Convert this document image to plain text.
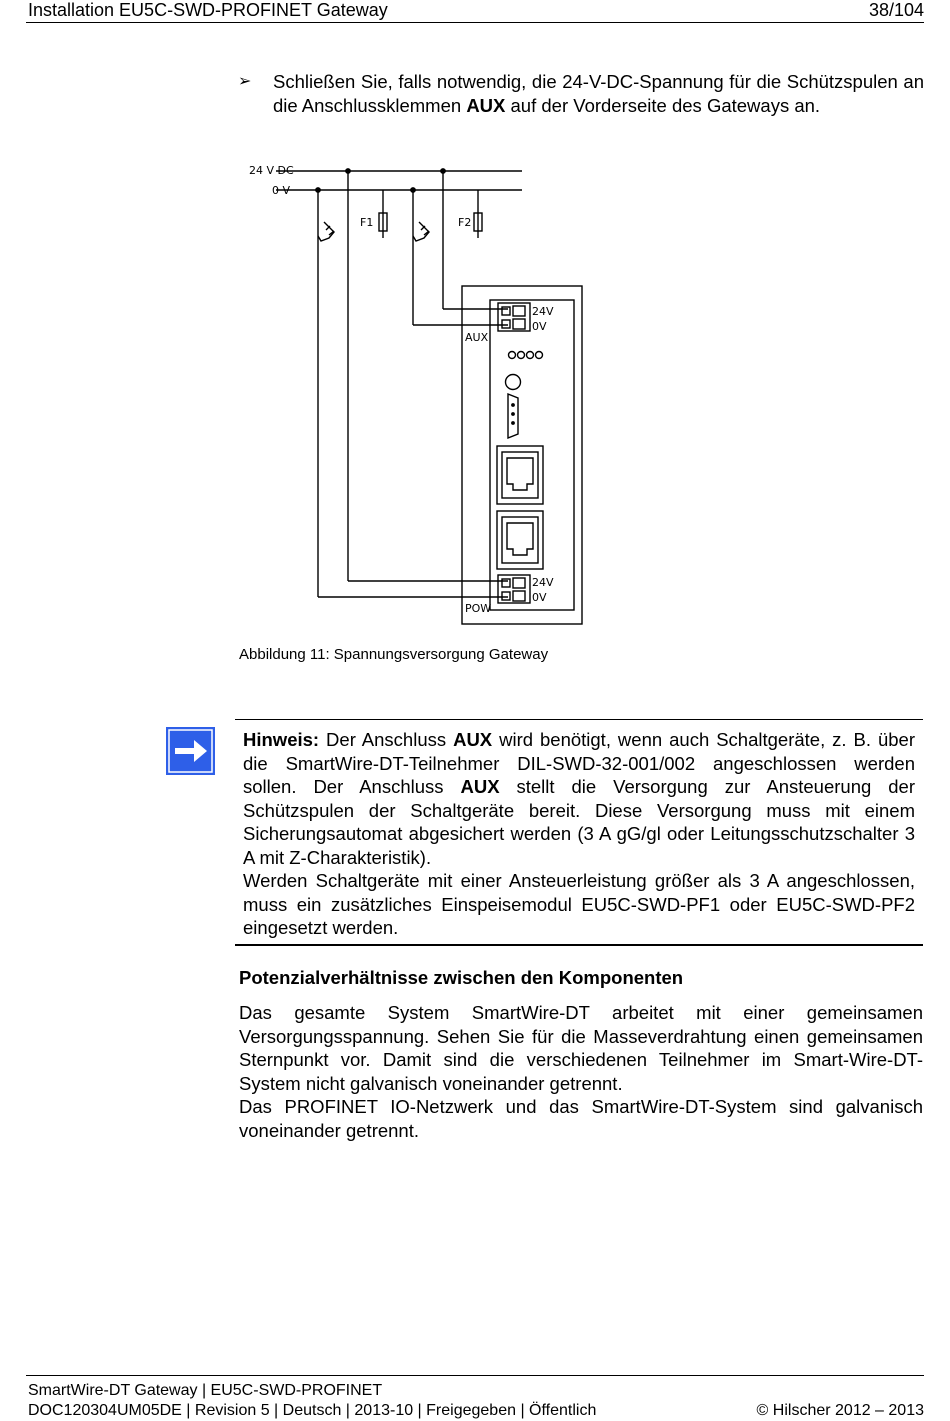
Installation EU5C-SWD-PROFINET Gateway	38/104
➢ Schließen Sie, falls notwendig, die 24-V-DC-Spannung für die Schützspulen an die Anschlussklemmen AUX auf der Vorderseite des Gateways an.
24 V DC
0 V
F1	F2
AUX
24V
0V
24V
0V
POW
Abbildung 11: Spannungsversorgung Gateway

Hinweis: Der Anschluss AUX wird benötigt, wenn auch Schaltgeräte, z. B. über die SmartWire-DT-Teilnehmer DIL-SWD-32-001/002 angeschlossen werden sollen. Der Anschluss AUX stellt die Versorgung zur Ansteuerung der Schützspulen der Schaltgeräte bereit. Diese Versorgung muss mit einem Sicherungsautomat abgesichert werden (3 A gG/gl oder Leitungsschutzschalter 3 A mit Z-Charakteristik).

Werden Schaltgeräte mit einer Ansteuerleistung größer als 3 A angeschlossen, muss ein zusätzliches Einspeisemodul EU5C-SWD-PF1 oder EU5C-SWD-PF2 eingesetzt werden.

Potenzialverhältnisse zwischen den Komponenten

Das gesamte System SmartWire-DT arbeitet mit einer gemeinsamen Versorgungsspannung. Sehen Sie für die Masseverdrahtung einen gemeinsamen Sternpunkt vor. Damit sind die verschiedenen Teilnehmer im Smart-Wire-DT-System nicht galvanisch voneinander getrennt.

Das PROFINET IO-Netzwerk und das SmartWire-DT-System sind galvanisch voneinander getrennt.

SmartWire-DT Gateway | EU5C-SWD-PROFINET
DOC120304UM05DE | Revision 5 | Deutsch | 2013-10 | Freigegeben | Öffentlich	© Hilscher 2012 – 2013
